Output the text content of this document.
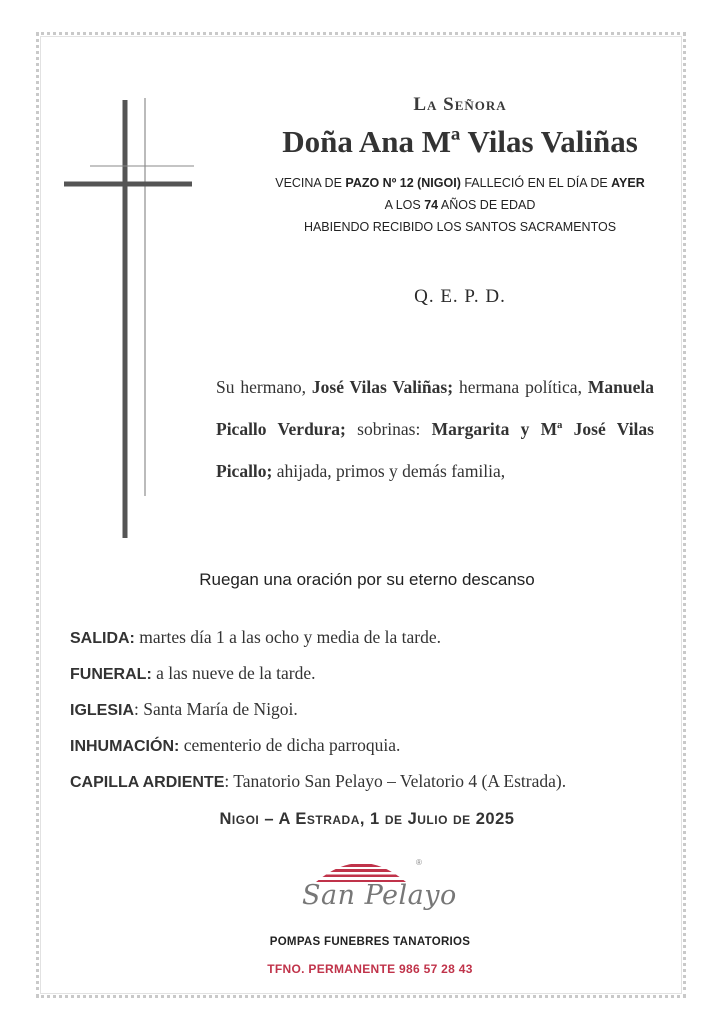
La Señora
Doña Ana Mª Vilas Valiñas
VECINA DE PAZO Nº 12 (NIGOI) FALLECIÓ EN EL DÍA DE AYER
A LOS 74 AÑOS DE EDAD
HABIENDO RECIBIDO LOS SANTOS SACRAMENTOS
Q. E. P. D.
Su hermano, José Vilas Valiñas; hermana política, Manuela Picallo Verdura; sobrinas: Margarita y Mª José Vilas Picallo; ahijada, primos y demás familia,
Ruegan una oración por su eterno descanso
SALIDA: martes día 1 a las ocho y media de la tarde.
FUNERAL: a las nueve de la tarde.
IGLESIA: Santa María de Nigoi.
INHUMACIÓN: cementerio de dicha parroquia.
CAPILLA ARDIENTE: Tanatorio San Pelayo – Velatorio 4 (A Estrada).
Nigoi – A Estrada, 1 de Julio de 2025
®
San Pelayo
POMPAS FUNEBRES TANATORIOS
TFNO. PERMANENTE 986 57 28 43
